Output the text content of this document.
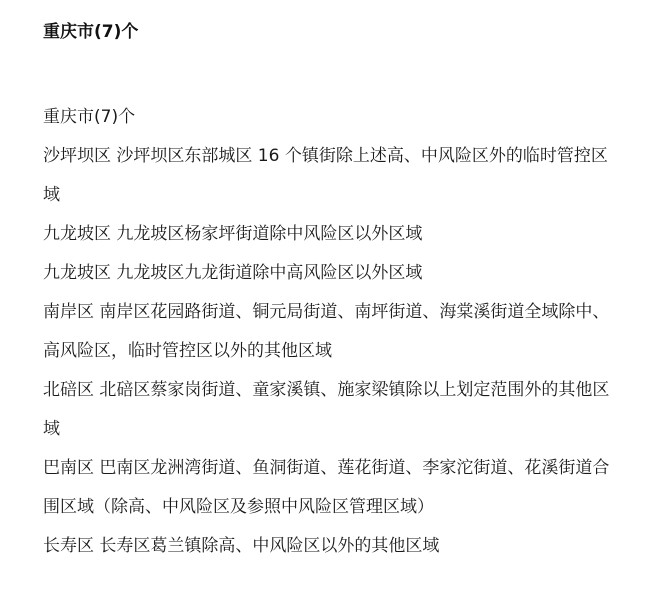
重庆市(7)个
重庆市(7)个
沙坪坝区 沙坪坝区东部城区 16 个镇街除上述高、中风险区外的临时管控区
域
九龙坡区 九龙坡区杨家坪街道除中风险区以外区域
九龙坡区 九龙坡区九龙街道除中高风险区以外区域
南岸区 南岸区花园路街道、铜元局街道、南坪街道、海棠溪街道全域除中、
高风险区，临时管控区以外的其他区域
北碚区 北碚区蔡家岗街道、童家溪镇、施家梁镇除以上划定范围外的其他区
域
巴南区 巴南区龙洲湾街道、鱼洞街道、莲花街道、李家沱街道、花溪街道合
围区域（除高、中风险区及参照中风险区管理区域）
长寿区 长寿区葛兰镇除高、中风险区以外的其他区域
